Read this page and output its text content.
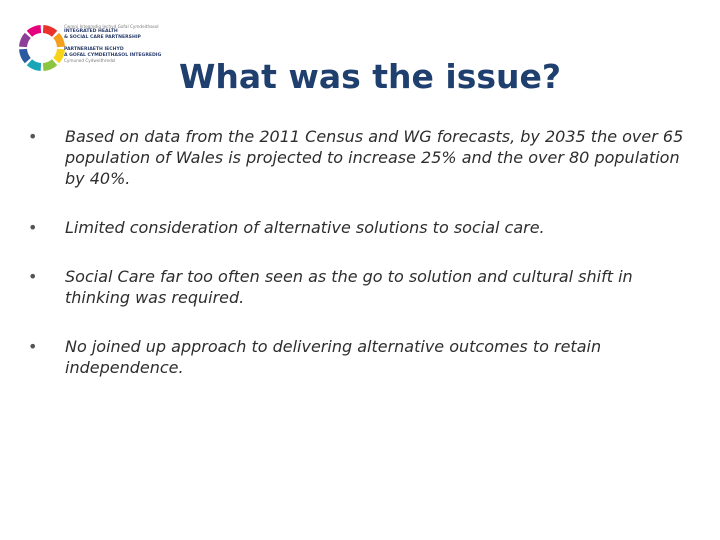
Cwmni Integredig Iechyd Gofal Cymdeithasol
INTEGRATED HEALTH
& SOCIAL CARE PARTNERSHIP
PARTNERIAETH IECHYD
A GOFAL CYMDEITHASOL INTEGREDIG
Cymuned Cydweithredol	What was the issue?
• Based on data from the 2011 Census and WG forecasts, by 2035 the over 65 population of Wales is projected to increase 25% and the over 80 population by 40%.
• Limited consideration of alternative solutions to social care.
• Social Care far too often seen as the go to solution and cultural shift in thinking was required.
• No joined up approach to delivering alternative outcomes to retain independence.
